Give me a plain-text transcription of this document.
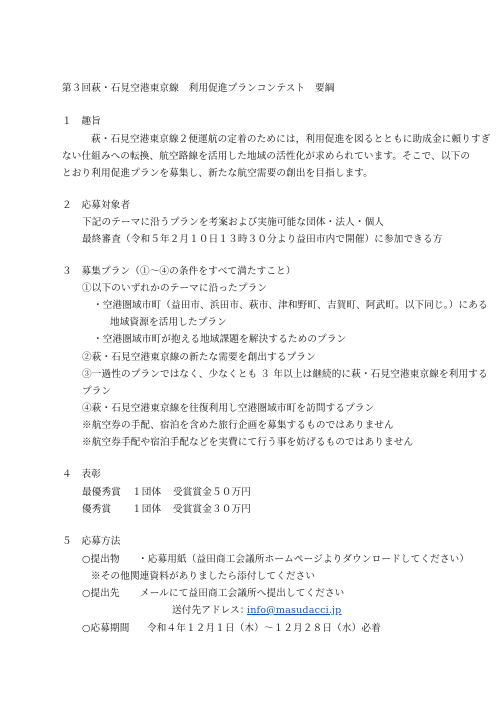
第３回萩・石見空港東京線　利用促進プランコンテスト　要綱
１　趣旨
萩・石見空港東京線２便運航の定着のためには，利用促進を図るとともに助成金に頼りすぎ
ない仕組みへの転換、航空路線を活用した地域の活性化が求められています。そこで、以下の
とおり利用促進プランを募集し、新たな航空需要の創出を目指します。
２　応募対象者
下記のテーマに沿うプランを考案および実施可能な団体・法人・個人
最終審査（令和５年２月１０日１３時３０分より益田市内で開催）に参加できる方
３　募集プラン（①〜④の条件をすべて満たすこと）
①以下のいずれかのテーマに沿ったプラン
・空港圏域市町（益田市、浜田市、萩市、津和野町、吉賀町、阿武町。以下同じ。）にある
地域資源を活用したプラン
・空港圏域市町が抱える地域課題を解決するためのプラン
②萩・石見空港東京線の新たな需要を創出するプラン
③一過性のプランではなく、少なくとも ３ 年以上は継続的に萩・石見空港東京線を利用する
プラン
④萩・石見空港東京線を往復利用し空港圏域市町を訪問するプラン
※航空券の手配、宿泊を含めた旅行企画を募集するものではありません
※航空券手配や宿泊手配などを実費にて行う事を妨げるものではありません
４　表彰
最優秀賞 １団体 受賞賞金５０万円
優秀賞 １団体 受賞賞金３０万円
５　応募方法
○提出物 ・応募用紙（益田商工会議所ホームページよりダウンロードしてください）
※その他関連資料がありましたら添付してください
○提出先 メールにて益田商工会議所へ提出してください
送付先アドレス：
info@masudacci.jp
○応募期間 令和４年１２月１日（木）〜１２月２８日（水）必着
